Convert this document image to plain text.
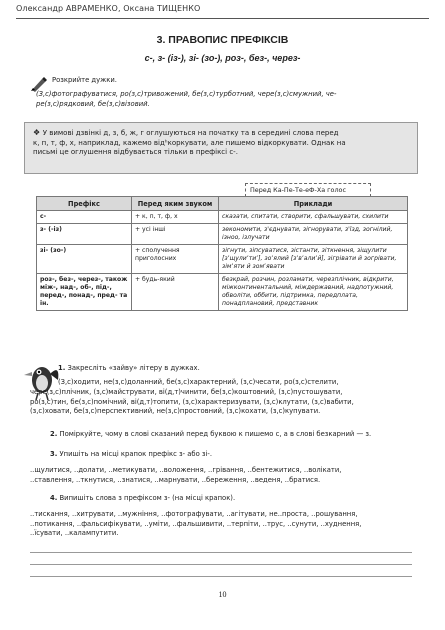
Олександр АВРАМЕНКО, Оксана ТИЩЕНКО
3. ПРАВОПИС ПРЕФІКСІВ
с-, з- (із-), зі- (зо-), роз-, без-, через-
Розкрийте дужки.
(З,с)фотографуватися, ро(з,с)тривожений, бе(з,с)турботний, чере(з,с)смужний, че-
ре(з,с)рядковий, бе(з,с)візовий.
❖ У вимові дзвінкі д, з, б, ж, г оглушуються на початку та в середині слова перед
к, п, т, ф, х, наприклад, кажемо відʰкоркувати, але пишемо відкоркувати. Однак на
письмі це оглушення відбувається тільки в префіксі с-.
Перед Ка-Пе-Те-еФ-Ха голос
Префікс	Перед яким звуком	Приклади
с-	+ к, п, т, ф, х	сказати, спитати, створити, сфальшувати, схилити
з- (-із)	+ усі інші	зекономити, з'єднувати, зігнорувати, з'їзд, зогнілий, ізноо, ізлучати
зі- (зо-)	+ сполучення приголосних	зігнути, зіпсуватися, зістанти, зіткнення, зіщулити [зʼщулиʼтиʼ], зоʼялий [зʼвʼалиʼй], зігрівати й зогрівати, зімʼяти й зомʼявати
роз-, без-, через-, також між-, над-, об-, під-, перед-, понад-, пред- та ін.	+ будь-який	безкрай, розчин, розламати, черезплічник, відкрити, міжконтинентальний, міждержавний, надпотужний, обволіти, оббити, підтримка, передплата, понадплановий, представник
1. Закресліть «зайву» літеру в дужках.
(З,с)ходити, не(з,с)доланний, бе(з,с)характерний, (з,с)чесати, ро(з,с)стелити,
чере(з,с)плічник, (з,с)майструвати, ві(д,т)чинити, бе(з,с)коштовний, (з,с)пустошувати,
ро(з,с)тин, бе(з,с)помічний, ві(д,т)топити, (з,с)характеризувати, (з,с)клутати, (з,с)вабити,
(з,с)ховати, бе(з,с)перспективний, не(з,с)простовний, (з,с)кохати, (з,с)купувати.
2. Поміркуйте, чому в слові сказаний перед буквою к пишемо с, а в слові безкарний — з.
3. Упишіть на місці крапок префікс з- або зі-.
..щулитися, ..долати, ..метикувати, ..воложення, ..грівання, ..бентежитися, ..волікати,
..ставлення, ..ткнутися, ..знатися, ..марнувати, ..береження, ..веденя, ..братися.
4. Випишіть слова з префіксом з- (на місці крапок).
..тискання, ..хитрувати, ..мужніння, ..фотографувати, ..агітувати, не..проста, ..рошування,
..потикання, ..фальсифікувати, ..уміти, ..фальшивити, ..терпіти, ..трус, ..сунути, ..худнення,
..їсувати, ..калампутити.
10
